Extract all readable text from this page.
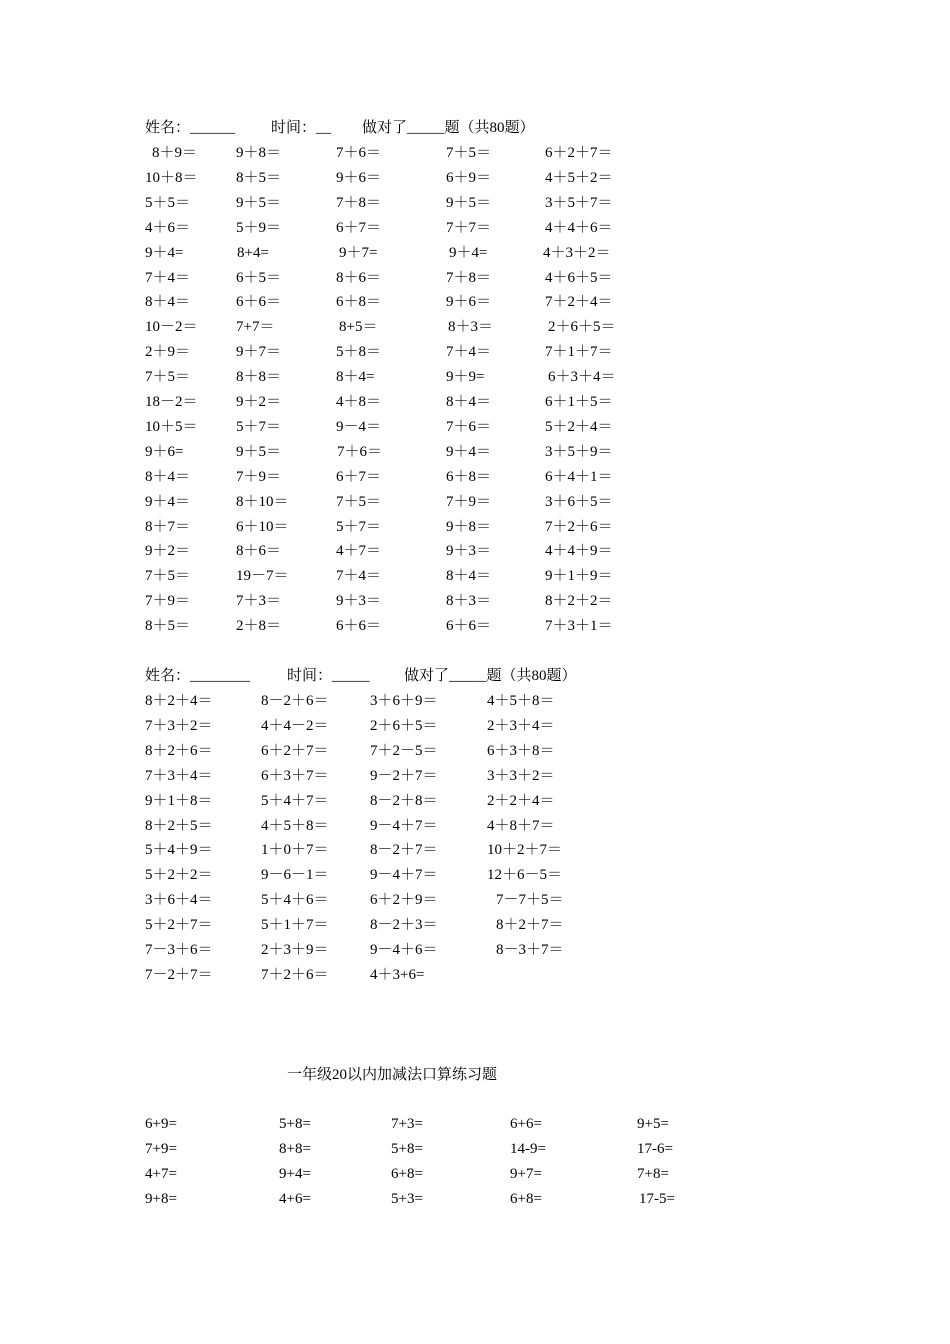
姓名：______

时间：__

做对了_____题（共80题）

8＋9＝	9＋8＝	7＋6＝	7＋5＝	6＋2＋7＝
10＋8＝	8＋5＝	9＋6＝	6＋9＝	4＋5＋2＝
5＋5＝	9＋5＝	7＋8＝	9＋5＝	3＋5＋7＝
4＋6＝	5＋9＝	6＋7＝	7＋7＝	4＋4＋6＝
9＋4=	8+4=	9＋7=	9＋4=	4＋3＋2＝
7＋4＝	6＋5＝	8＋6＝	7＋8＝	4＋6＋5＝
8＋4＝	6＋6＝	6＋8＝	9＋6＝	7＋2＋4＝
10－2＝	7+7＝	8+5＝	8＋3＝	2＋6＋5＝
2＋9＝	9＋7＝	5＋8＝	7＋4＝	7＋1＋7＝
7＋5＝	8＋8＝	8＋4=	9＋9=	6＋3＋4＝
18－2＝	9＋2＝	4＋8＝	8＋4＝	6＋1＋5＝
10＋5＝	5＋7＝	9－4＝	7＋6＝	5＋2＋4＝
9＋6=	9＋5＝	7＋6＝	9＋4＝	3＋5＋9＝
8＋4＝	7＋9＝	6＋7＝	6＋8＝	6＋4＋1＝
9＋4＝	8＋10＝	7＋5＝	7＋9＝	3＋6＋5＝
8＋7＝	6＋10＝	5＋7＝	9＋8＝	7＋2＋6＝
9＋2＝	8＋6＝	4＋7＝	9＋3＝	4＋4＋9＝
7＋5＝	19－7＝	7＋4＝	8＋4＝	9＋1＋9＝
7＋9＝	7＋3＝	9＋3＝	8＋3＝	8＋2＋2＝
8＋5＝	2＋8＝	6＋6＝	6＋6＝	7＋3＋1＝

姓名：________

时间：_____

做对了_____题（共80题）

8＋2＋4＝	8－2＋6＝	3＋6＋9＝	4＋5＋8＝
7＋3＋2＝	4＋4－2＝	2＋6＋5＝	2＋3＋4＝
8＋2＋6＝	6＋2＋7＝	7＋2－5＝	6＋3＋8＝
7＋3＋4＝	6＋3＋7＝	9－2＋7＝	3＋3＋2＝
9＋1＋8＝	5＋4＋7＝	8－2＋8＝	2＋2＋4＝
8＋2＋5＝	4＋5＋8＝	9－4＋7＝	4＋8＋7＝
5＋4＋9＝	1＋0＋7＝	8－2＋7＝	10＋2＋7＝
5＋2＋2＝	9－6－1＝	9－4＋7＝	12＋6－5＝
3＋6＋4＝	5＋4＋6＝	6＋2＋9＝	7－7＋5＝
5＋2＋7＝	5＋1＋7＝	8－2＋3＝	8＋2＋7＝
7－3＋6＝	2＋3＋9＝	9－4＋6＝	8－3＋7＝
7－2＋7＝	7＋2＋6＝	4＋3+6=
一年级20以内加减法口算练习题
6+9=	5+8=	7+3=	6+6=	9+5=
7+9=	8+8=	5+8=	14-9=	17-6=
4+7=	9+4=	6+8=	9+7=	7+8=
9+8=	4+6=	5+3=	6+8=	17-5=
